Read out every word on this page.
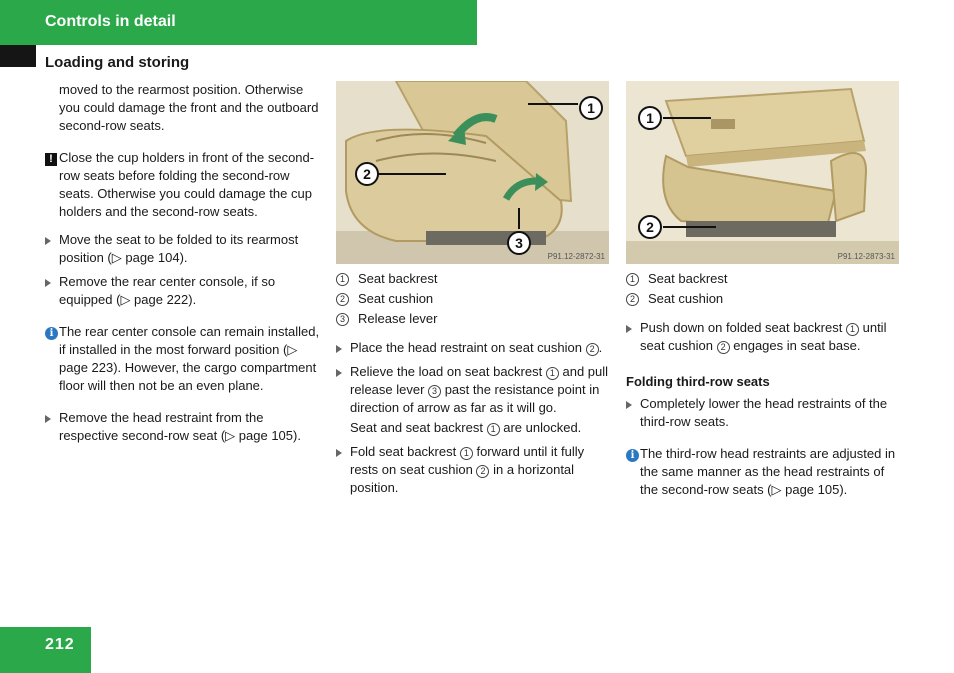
Controls in detail
Loading and storing

moved to the rearmost position. Otherwise you could damage the front and the outboard second-row seats.

! Close the cup holders in front of the second-row seats before folding the second-row seats. Otherwise you could damage the cup holders and the second-row seats.
Move the seat to be folded to its rearmost position (▷ page 104).
Remove the rear center console, if so equipped (▷ page 222).
i The rear center console can remain installed, if installed in the most forward position (▷ page 223). However, the cargo compartment floor will then not be an even plane.
Remove the head restraint from the respective second-row seat (▷ page 105).
1
2
3
P91.12-2872-31
1	Seat backrest
2	Seat cushion
3	Release lever
Place the head restraint on seat cushion 2 .
Relieve the load on seat backrest 1 and pull release lever 3 past the resistance point in direction of arrow as far as it will go.

Seat and seat backrest 1 are unlocked.

Fold seat backrest 1 forward until it fully rests on seat cushion 2 in a horizontal position.
1
2
P91.12-2873-31
1	Seat backrest
2	Seat cushion
Push down on folded seat backrest 1 until seat cushion 2 engages in seat base.

Folding third-row seats

Completely lower the head restraints of the third-row seats.
i The third-row head restraints are adjusted in the same manner as the head restraints of the second-row seats (▷ page 105).
212
